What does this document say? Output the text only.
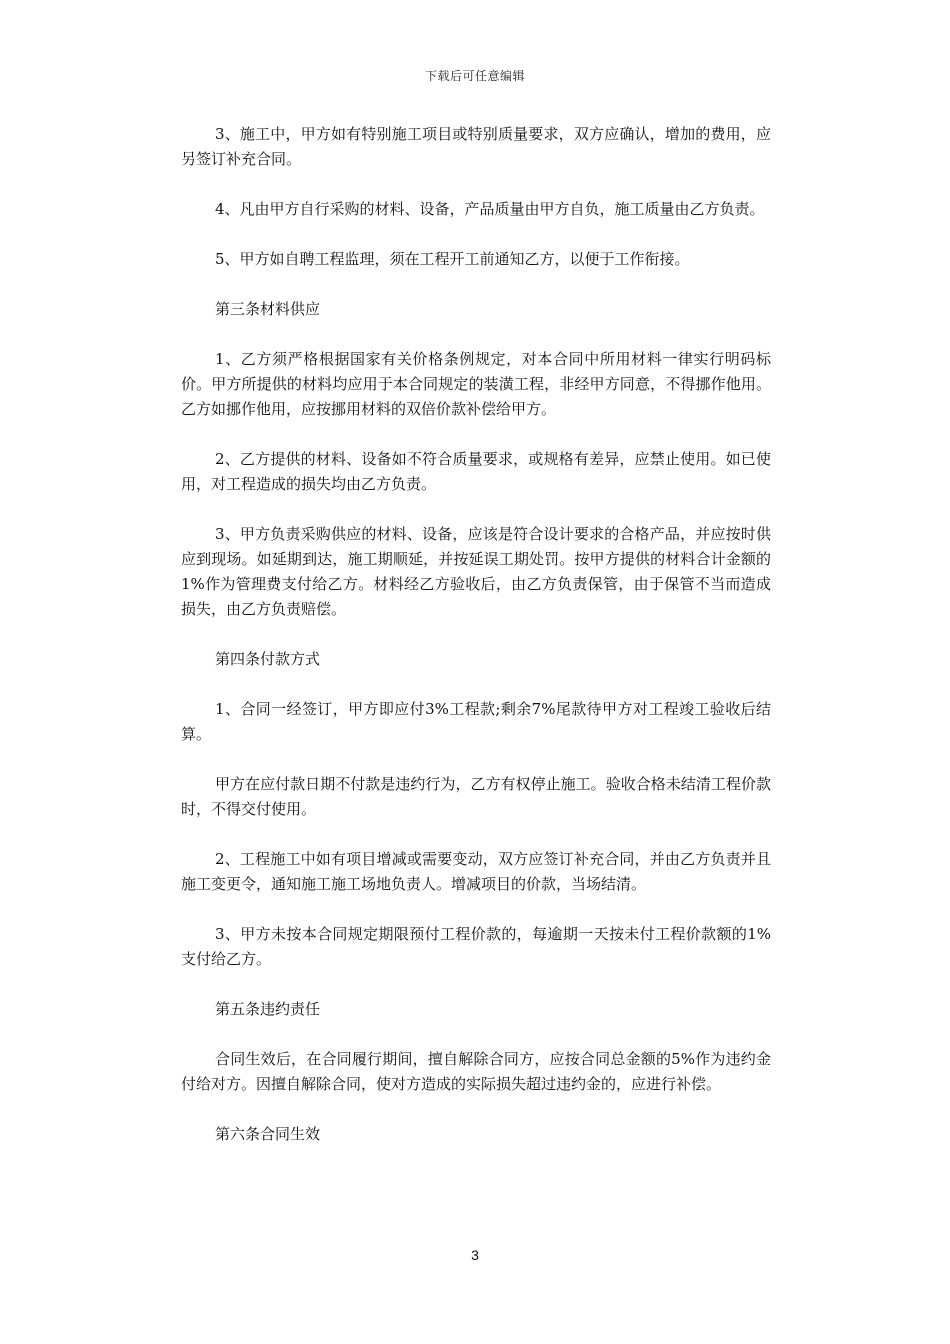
下载后可任意编辑

3、施工中，甲方如有特别施工项目或特别质量要求，双方应确认，增加的费用，应另签订补充合同。

4、凡由甲方自行采购的材料、设备，产品质量由甲方自负，施工质量由乙方负责。

5、甲方如自聘工程监理，须在工程开工前通知乙方，以便于工作衔接。

第三条材料供应

1、乙方须严格根据国家有关价格条例规定，对本合同中所用材料一律实行明码标价。甲方所提供的材料均应用于本合同规定的装潢工程，非经甲方同意，不得挪作他用。乙方如挪作他用，应按挪用材料的双倍价款补偿给甲方。

2、乙方提供的材料、设备如不符合质量要求，或规格有差异，应禁止使用。如已使用，对工程造成的损失均由乙方负责。

3、甲方负责采购供应的材料、设备，应该是符合设计要求的合格产品，并应按时供应到现场。如延期到达，施工期顺延，并按延误工期处罚。按甲方提供的材料合计金额的1%作为管理费支付给乙方。材料经乙方验收后，由乙方负责保管，由于保管不当而造成损失，由乙方负责赔偿。

第四条付款方式

1、合同一经签订，甲方即应付3%工程款;剩余7%尾款待甲方对工程竣工验收后结算。

甲方在应付款日期不付款是违约行为，乙方有权停止施工。验收合格未结清工程价款时，不得交付使用。

2、工程施工中如有项目增减或需要变动，双方应签订补充合同，并由乙方负责并且施工变更令，通知施工施工场地负责人。增减项目的价款，当场结清。

3、甲方未按本合同规定期限预付工程价款的，每逾期一天按未付工程价款额的1%支付给乙方。

第五条违约责任

合同生效后，在合同履行期间，擅自解除合同方，应按合同总金额的5%作为违约金付给对方。因擅自解除合同，使对方造成的实际损失超过违约金的，应进行补偿。

第六条合同生效

3
